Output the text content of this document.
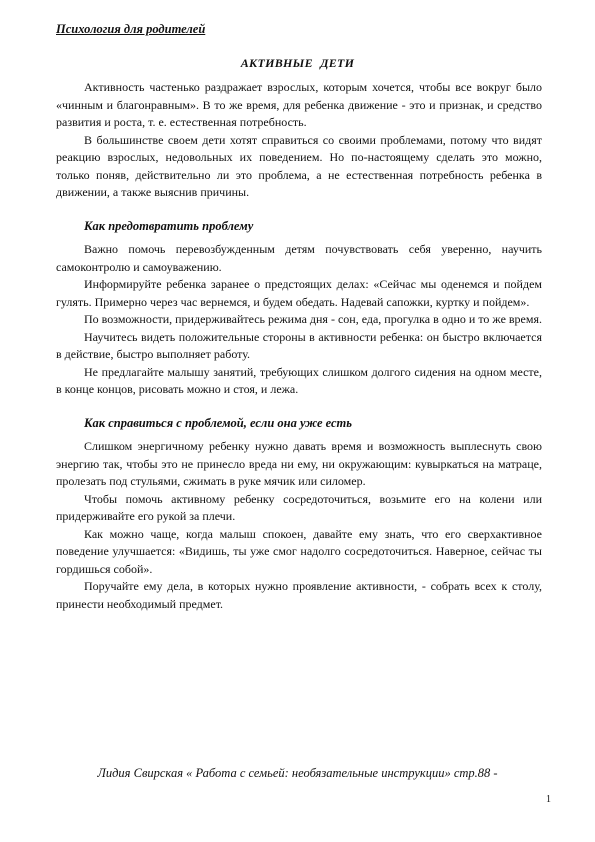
Психология для родителей
АКТИВНЫЕ ДЕТИ

Активность частенько раздражает взрослых, которым хочется, чтобы все вокруг было «чинным и благонравным». В то же время, для ребенка движение - это и признак, и средство развития и роста, т. е. естественная потребность.

В большинстве своем дети хотят справиться со своими проблемами, потому что видят реакцию взрослых, недовольных их поведением. Но по-настоящему сделать это можно, только поняв, действительно ли это проблема, а не естественная потребность ребенка в движении, а также выяснив причины.

Как предотвратить проблему

Важно помочь перевозбужденным детям почувствовать себя уверенно, научить самоконтролю и самоуважению.

Информируйте ребенка заранее о предстоящих делах: «Сейчас мы оденемся и пойдем гулять. Примерно через час вернемся, и будем обедать. Надевай сапожки, куртку и пойдем».

По возможности, придерживайтесь режима дня - сон, еда, прогулка в одно и то же время.

Научитесь видеть положительные стороны в активности ребенка: он быстро включается в действие, быстро выполняет работу.

Не предлагайте малышу занятий, требующих слишком долгого сидения на одном месте, в конце концов, рисовать можно и стоя, и лежа.

Как справиться с проблемой, если она уже есть

Слишком энергичному ребенку нужно давать время и возможность выплеснуть свою энергию так, чтобы это не принесло вреда ни ему, ни окружающим: кувыркаться на матраце, пролезать под стульями, сжимать в руке мячик или силомер.

Чтобы помочь активному ребенку сосредоточиться, возьмите его на колени или придерживайте его рукой за плечи.

Как можно чаще, когда малыш спокоен, давайте ему знать, что его сверхактивное поведение улучшается: «Видишь, ты уже смог надолго сосредоточиться. Наверное, сейчас ты гордишься собой».

Поручайте ему дела, в которых нужно проявление активности, - собрать всех к столу, принести необходимый предмет.

Лидия Свирская « Работа с семьей: необязательные инструкции» стр.88 -
1
